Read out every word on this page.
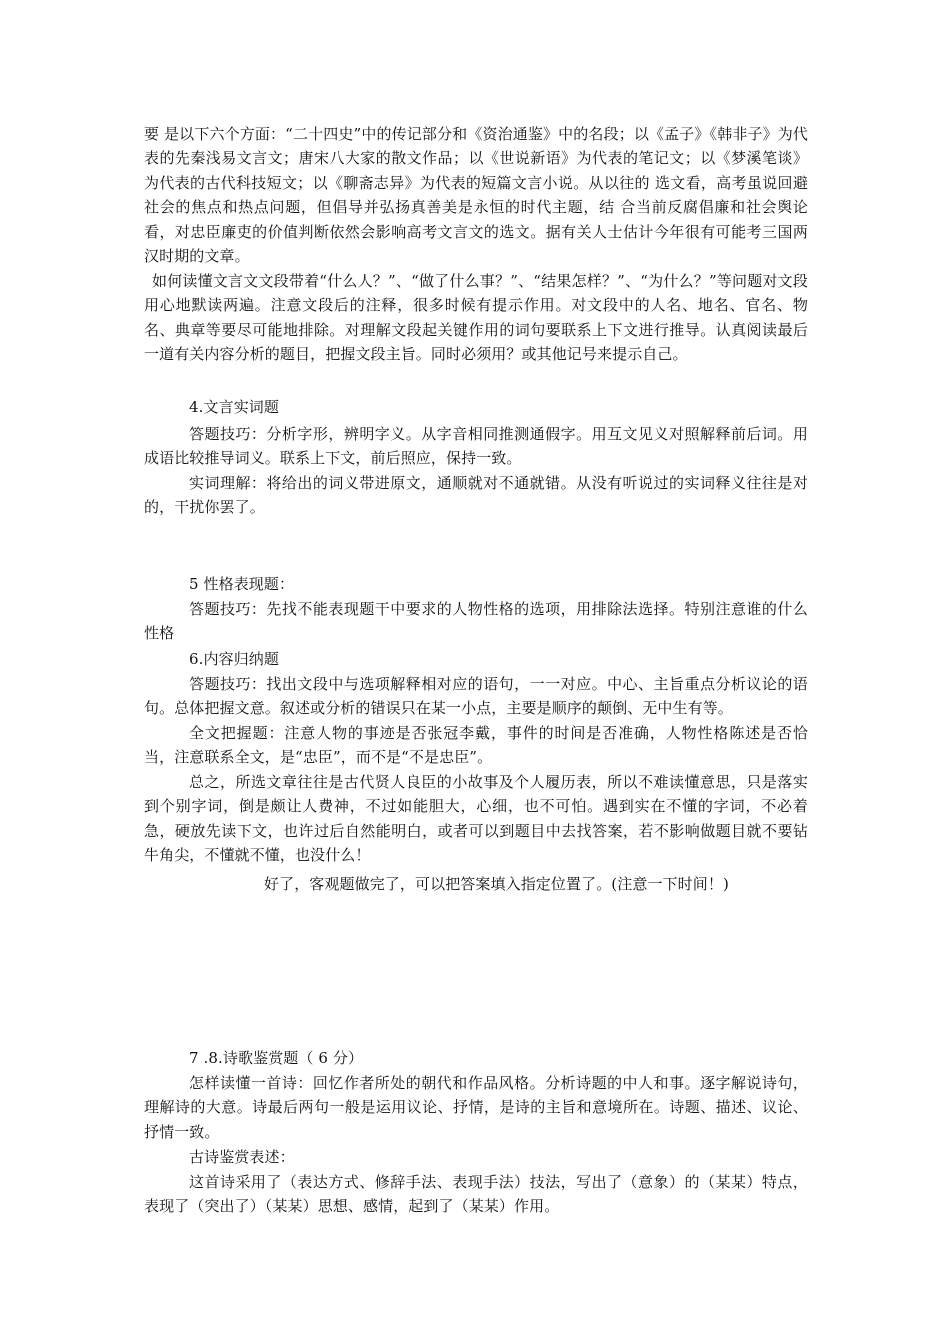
要 是以下六个方面：“二十四史”中的传记部分和《资治通鉴》中的名段；以《孟子》《韩非子》为代表的先秦浅易文言文；唐宋八大家的散文作品；以《世说新语》为代表的笔记文；以《梦溪笔谈》为代表的古代科技短文；以《聊斋志异》为代表的短篇文言小说。从以往的 选文看，高考虽说回避社会的焦点和热点问题，但倡导并弘扬真善美是永恒的时代主题，结 合当前反腐倡廉和社会舆论看，对忠臣廉吏的价值判断依然会影响高考文言文的选文。据有关人士估计今年很有可能考三国两汉时期的文章。

如何读懂文言文文段带着“什么人？”、“做了什么事？”、“结果怎样？”、“为什么？”等问题对文段用心地默读两遍。注意文段后的注释，很多时候有提示作用。对文段中的人名、地名、官名、物名、典章等要尽可能地排除。对理解文段起关键作用的词句要联系上下文进行推导。认真阅读最后一道有关内容分析的题目，把握文段主旨。同时必须用？或其他记号来提示自己。

4.文言实词题

答题技巧：分析字形，辨明字义。从字音相同推测通假字。用互文见义对照解释前后词。用成语比较推导词义。联系上下文，前后照应，保持一致。

实词理解：将给出的词义带进原文，通顺就对不通就错。从没有听说过的实词释义往往是对的，干扰你罢了。

5 性格表现题：

答题技巧：先找不能表现题干中要求的人物性格的选项，用排除法选择。特别注意谁的什么性格

6.内容归纳题

答题技巧：找出文段中与选项解释相对应的语句，一一对应。中心、主旨重点分析议论的语句。总体把握文意。叙述或分析的错误只在某一小点，主要是顺序的颠倒、无中生有等。

全文把握题：注意人物的事迹是否张冠李戴，事件的时间是否准确，人物性格陈述是否恰当，注意联系全文，是“忠臣”，而不是“不是忠臣”。

总之，所选文章往往是古代贤人良臣的小故事及个人履历表，所以不难读懂意思，只是落实到个别字词，倒是颇让人费神，不过如能胆大，心细，也不可怕。遇到实在不懂的字词，不必着急，硬放先读下文，也许过后自然能明白，或者可以到题目中去找答案，若不影响做题目就不要钻牛角尖，不懂就不懂，也没什么！

好了，客观题做完了，可以把答案填入指定位置了。(注意一下时间！)

7 .8.诗歌鉴赏题（ 6 分）

怎样读懂一首诗：回忆作者所处的朝代和作品风格。分析诗题的中人和事。逐字解说诗句，理解诗的大意。诗最后两句一般是运用议论、抒情，是诗的主旨和意境所在。诗题、描述、议论、抒情一致。

古诗鉴赏表述：

这首诗采用了（表达方式、修辞手法、表现手法）技法，写出了（意象）的（某某）特点，表现了（突出了）（某某）思想、感情，起到了（某某）作用。
